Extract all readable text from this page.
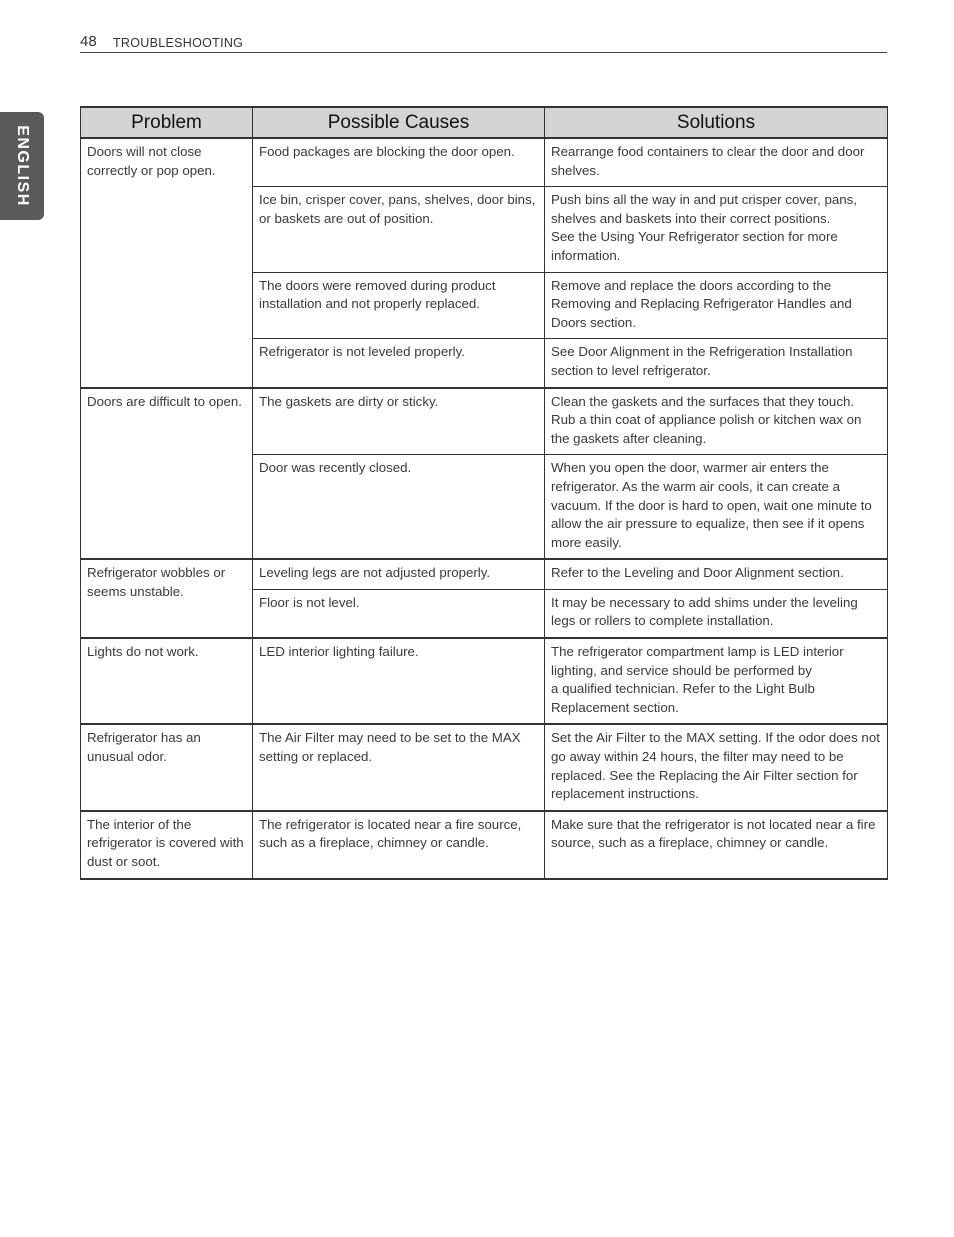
48 TROUBLESHOOTING
ENGLISH
Problem	Possible Causes	Solutions
Doors will not close correctly or pop open.	Food packages are blocking the door open.	Rearrange food containers to clear the door and door shelves.
	Ice bin, crisper cover, pans, shelves, door bins, or baskets are out of position.	Push bins all the way in and put crisper cover, pans, shelves and baskets into their correct positions.
See the Using Your Refrigerator section for more information.

	The doors were removed during product installation and not properly replaced.	Remove and replace the doors according to the Removing and Replacing Refrigerator Handles and Doors section.
	Refrigerator is not leveled properly.	See Door Alignment in the Refrigeration Installation section to level refrigerator.
Doors are difficult to open.	The gaskets are dirty or sticky.	Clean the gaskets and the surfaces that they touch. Rub a thin coat of appliance polish or kitchen wax on the gaskets after cleaning.
	Door was recently closed.	When you open the door, warmer air enters the refrigerator. As the warm air cools, it can create a vacuum. If the door is hard to open, wait one minute to allow the air pressure to equalize, then see if it opens more easily.
Refrigerator wobbles or seems unstable.	Leveling legs are not adjusted properly.	Refer to the Leveling and Door Alignment section.
	Floor is not level.	It may be necessary to add shims under the leveling legs or rollers to complete installation.
Lights do not work.	LED interior lighting failure.	The refrigerator compartment lamp is LED interior lighting, and service should be performed by
a qualified technician. Refer to the Light Bulb Replacement section.

Refrigerator has an unusual odor.	The Air Filter may need to be set to the MAX setting or replaced.	Set the Air Filter to the MAX setting. If the odor does not go away within 24 hours, the filter may need to be replaced. See the Replacing the Air Filter section for replacement instructions.
The interior of the refrigerator is covered with dust or soot.	The refrigerator is located near a fire source, such as a fireplace, chimney or candle.	Make sure that the refrigerator is not located near a fire source, such as a fireplace, chimney or candle.
